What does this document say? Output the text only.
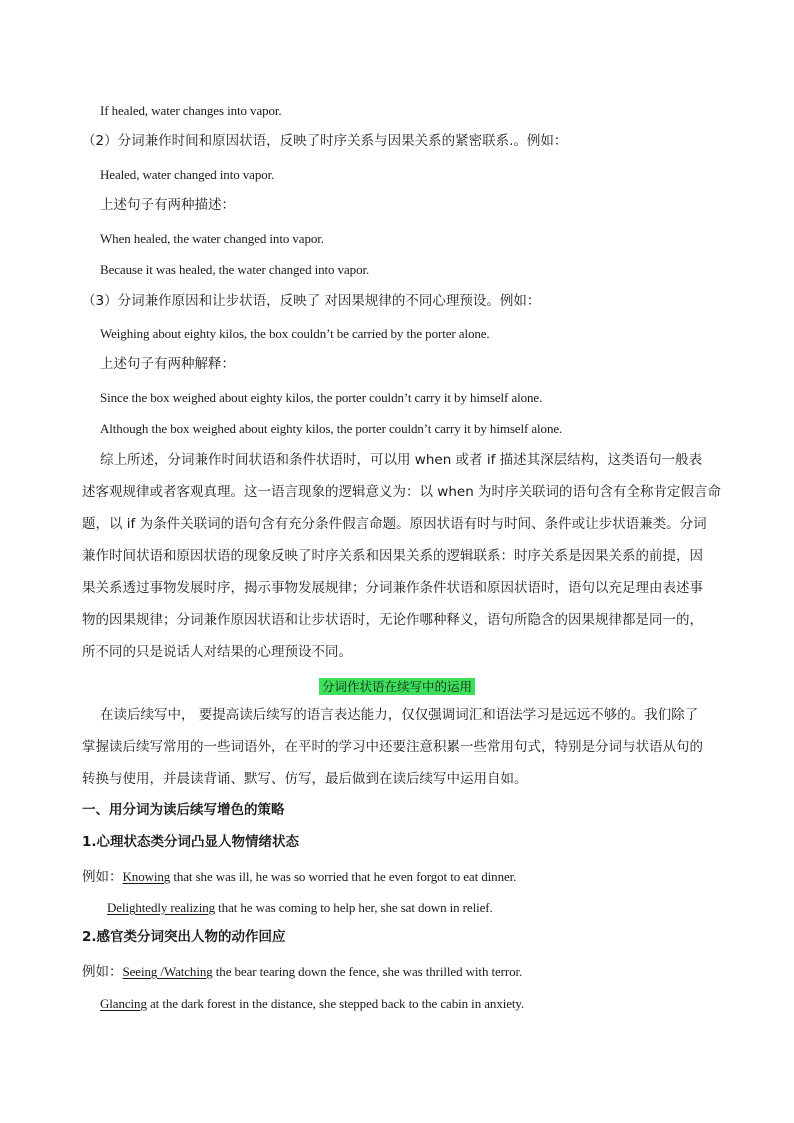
If healed, water changes into vapor.
（2）分词兼作时间和原因状语，反映了时序关系与因果关系的紧密联系.。例如：
Healed, water changed into vapor.
上述句子有两种描述：
When healed, the water changed into vapor.
Because it was healed, the water changed into vapor.
（3）分词兼作原因和让步状语，反映了 对因果规律的不同心理预设。例如：
Weighing about eighty kilos, the box couldn’t be carried by the porter alone.
上述句子有两种解释：
Since the box weighed about eighty kilos, the porter couldn’t carry it by himself alone.
Although the box weighed about eighty kilos, the porter couldn’t carry it by himself alone.
综上所述，分词兼作时间状语和条件状语时，可以用 when 或者 if 描述其深层结构，这类语句一般表
述客观规律或者客观真理。这一语言现象的逻辑意义为：以 when 为时序关联词的语句含有全称肯定假言命
题，以 if 为条件关联词的语句含有充分条件假言命题。原因状语有时与时间、条件或让步状语兼类。分词
兼作时间状语和原因状语的现象反映了时序关系和因果关系的逻辑联系：时序关系是因果关系的前提，因
果关系透过事物发展时序，揭示事物发展规律；分词兼作条件状语和原因状语时，语句以充足理由表述事
物的因果规律；分词兼作原因状语和让步状语时，无论作哪种释义，语句所隐含的因果规律都是同一的，
所不同的只是说话人对结果的心理预设不同。
分词作状语在续写中的运用
在读后续写中， 要提高读后续写的语言表达能力，仅仅强调词汇和语法学习是远远不够的。我们除了
掌握读后续写常用的一些词语外，在平时的学习中还要注意积累一些常用句式，特别是分词与状语从句的
转换与使用，并晨读背诵、默写、仿写，最后做到在读后续写中运用自如。
一、用分词为读后续写增色的策略
1.心理状态类分词凸显人物情绪状态
例如：Knowing that she was ill, he was so worried that he even forgot to eat dinner.
Delightedly realizing that he was coming to help her, she sat down in relief.
2.感官类分词突出人物的动作回应
例如：Seeing /Watching the bear tearing down the fence, she was thrilled with terror.
Glancing at the dark forest in the distance, she stepped back to the cabin in anxiety.
